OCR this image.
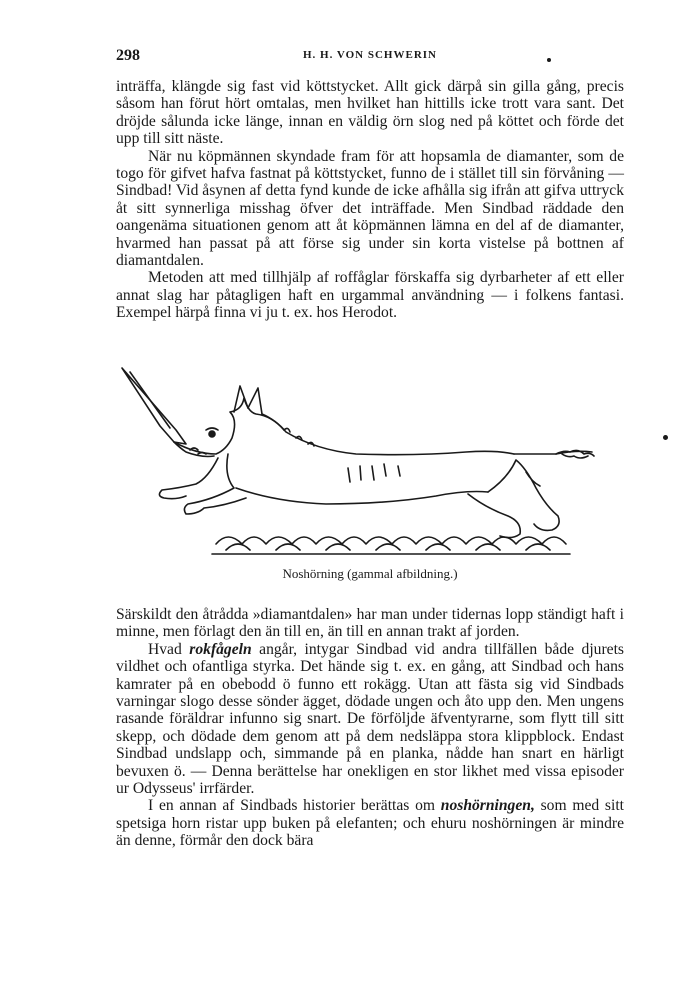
298	H. H. VON SCHWERIN

inträffa, klängde sig fast vid köttstycket. Allt gick därpå sin gilla gång, precis såsom han förut hört omtalas, men hvilket han hittills icke trott vara sant. Det dröjde sålunda icke länge, innan en väldig örn slog ned på köttet och förde det upp till sitt näste.

När nu köpmännen skyndade fram för att hopsamla de diamanter, som de togo för gifvet hafva fastnat på köttstycket, funno de i stället till sin förvåning — Sindbad! Vid åsynen af detta fynd kunde de icke afhålla sig ifrån att gifva uttryck åt sitt synnerliga misshag öfver det inträffade. Men Sindbad räddade den oangenäma situationen genom att åt köpmännen lämna en del af de diamanter, hvarmed han passat på att förse sig under sin korta vistelse på bottnen af diamantdalen.

Metoden att med tillhjälp af roffåglar förskaffa sig dyrbarheter af ett eller annat slag har påtagligen haft en urgammal användning — i folkens fantasi. Exempel härpå finna vi ju t. ex. hos Herodot.

Noshörning (gammal afbildning.)

Särskildt den åtrådda »diamantdalen» har man under tidernas lopp ständigt haft i minne, men förlagt den än till en, än till en annan trakt af jorden.

Hvad rokfågeln angår, intygar Sindbad vid andra tillfällen både djurets vildhet och ofantliga styrka. Det hände sig t. ex. en gång, att Sindbad och hans kamrater på en obebodd ö funno ett rokägg. Utan att fästa sig vid Sindbads varningar slogo desse sönder ägget, dödade ungen och åto upp den. Men ungens rasande föräldrar infunno sig snart. De förföljde äfventyrarne, som flytt till sitt skepp, och dödade dem genom att på dem nedsläppa stora klippblock. Endast Sindbad undslapp och, simmande på en planka, nådde han snart en härligt bevuxen ö. — Denna berättelse har onekligen en stor likhet med vissa episoder ur Odysseus' irrfärder.

I en annan af Sindbads historier berättas om noshörningen, som med sitt spetsiga horn ristar upp buken på elefanten; och ehuru noshörningen är mindre än denne, förmår den dock bära
